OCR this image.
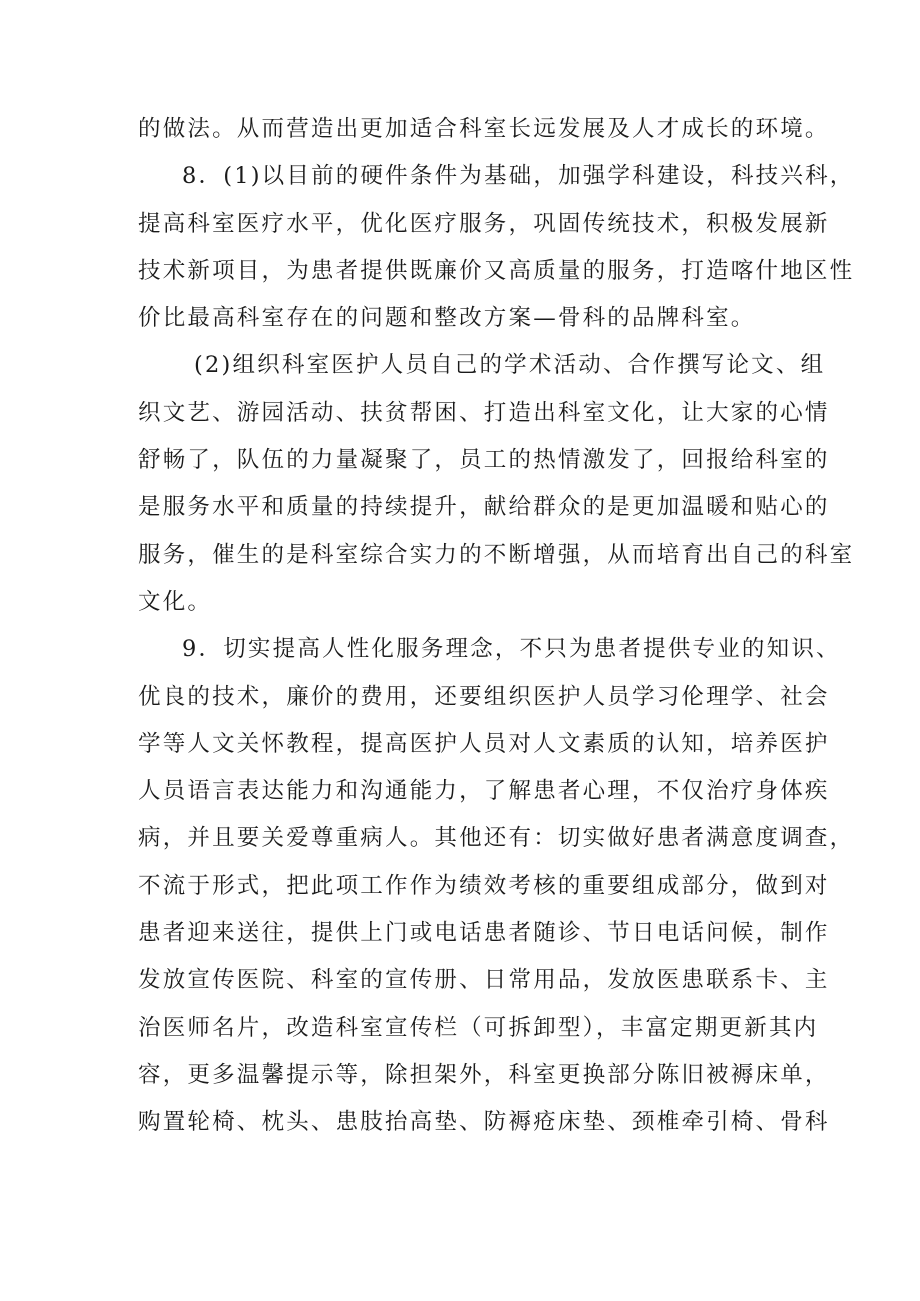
的做法。从而营造出更加适合科室长远发展及人才成长的环境。
8．(1)以目前的硬件条件为基础，加强学科建设，科技兴科，
提高科室医疗水平，优化医疗服务，巩固传统技术，积极发展新
技术新项目，为患者提供既廉价又高质量的服务，打造喀什地区性
价比最高科室存在的问题和整改方案—骨科的品牌科室。
(2)组织科室医护人员自己的学术活动、合作撰写论文、组
织文艺、游园活动、扶贫帮困、打造出科室文化，让大家的心情
舒畅了，队伍的力量凝聚了，员工的热情激发了，回报给科室的
是服务水平和质量的持续提升，献给群众的是更加温暖和贴心的
服务，催生的是科室综合实力的不断增强，从而培育出自己的科室
文化。
9．切实提高人性化服务理念，不只为患者提供专业的知识、
优良的技术，廉价的费用，还要组织医护人员学习伦理学、社会
学等人文关怀教程，提高医护人员对人文素质的认知，培养医护
人员语言表达能力和沟通能力，了解患者心理，不仅治疗身体疾
病，并且要关爱尊重病人。其他还有：切实做好患者满意度调查，
不流于形式，把此项工作作为绩效考核的重要组成部分，做到对
患者迎来送往，提供上门或电话患者随诊、节日电话问候，制作
发放宣传医院、科室的宣传册、日常用品，发放医患联系卡、主
治医师名片，改造科室宣传栏（可拆卸型），丰富定期更新其内
容，更多温馨提示等，除担架外，科室更换部分陈旧被褥床单，
购置轮椅、枕头、患肢抬高垫、防褥疮床垫、颈椎牵引椅、骨科
